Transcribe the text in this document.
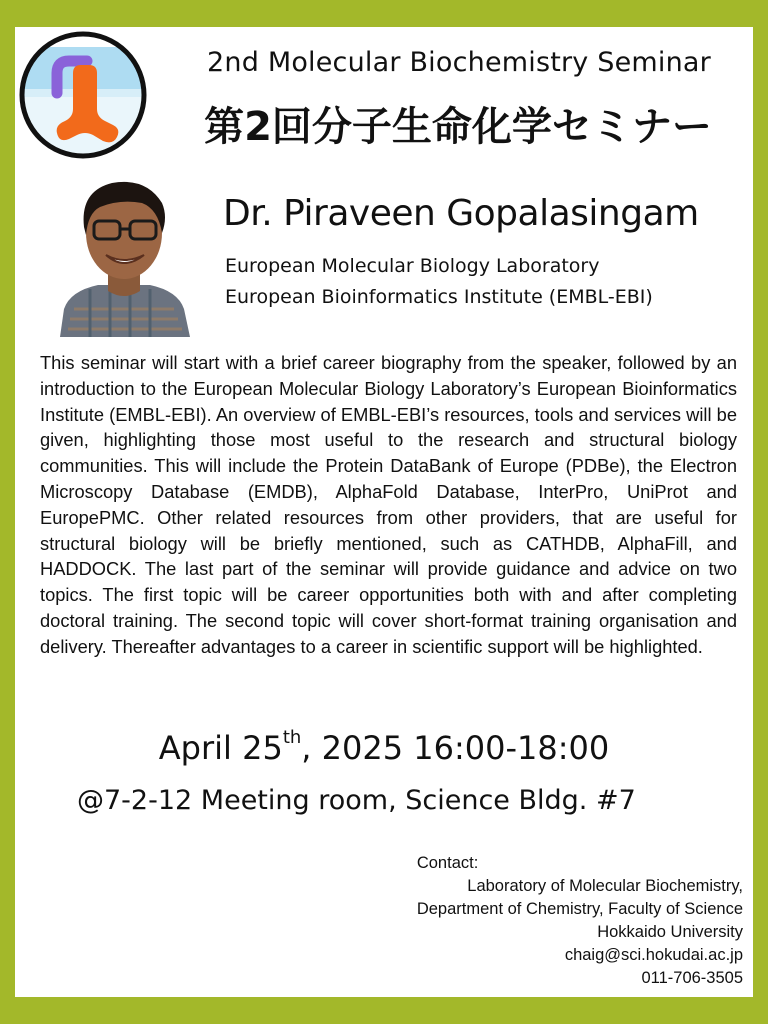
2nd Molecular Biochemistry Seminar
第2回分子生命化学セミナー
Dr. Piraveen Gopalasingam
European Molecular Biology Laboratory
European Bioinformatics Institute (EMBL-EBI)

This seminar will start with a brief career biography from the speaker, followed by an introduction to the European Molecular Biology Laboratory’s European Bioinformatics Institute (EMBL-EBI). An overview of EMBL-EBI’s resources, tools and services will be given, highlighting those most useful to the research and structural biology communities. This will include the Protein DataBank of Europe (PDBe), the Electron Microscopy Database (EMDB), AlphaFold Database, InterPro, UniProt and EuropePMC. Other related resources from other providers, that are useful for structural biology will be briefly mentioned, such as CATHDB, AlphaFill, and HADDOCK. The last part of the seminar will provide guidance and advice on two topics. The first topic will be career opportunities both with and after completing doctoral training. The second topic will cover short-format training organisation and delivery. Thereafter advantages to a career in scientific support will be highlighted.

April 25th, 2025 16:00-18:00
@7-2-12 Meeting room, Science Bldg. #7
Contact:
Laboratory of Molecular Biochemistry,
Department of Chemistry, Faculty of Science
Hokkaido University
chaig@sci.hokudai.ac.jp
011-706-3505
